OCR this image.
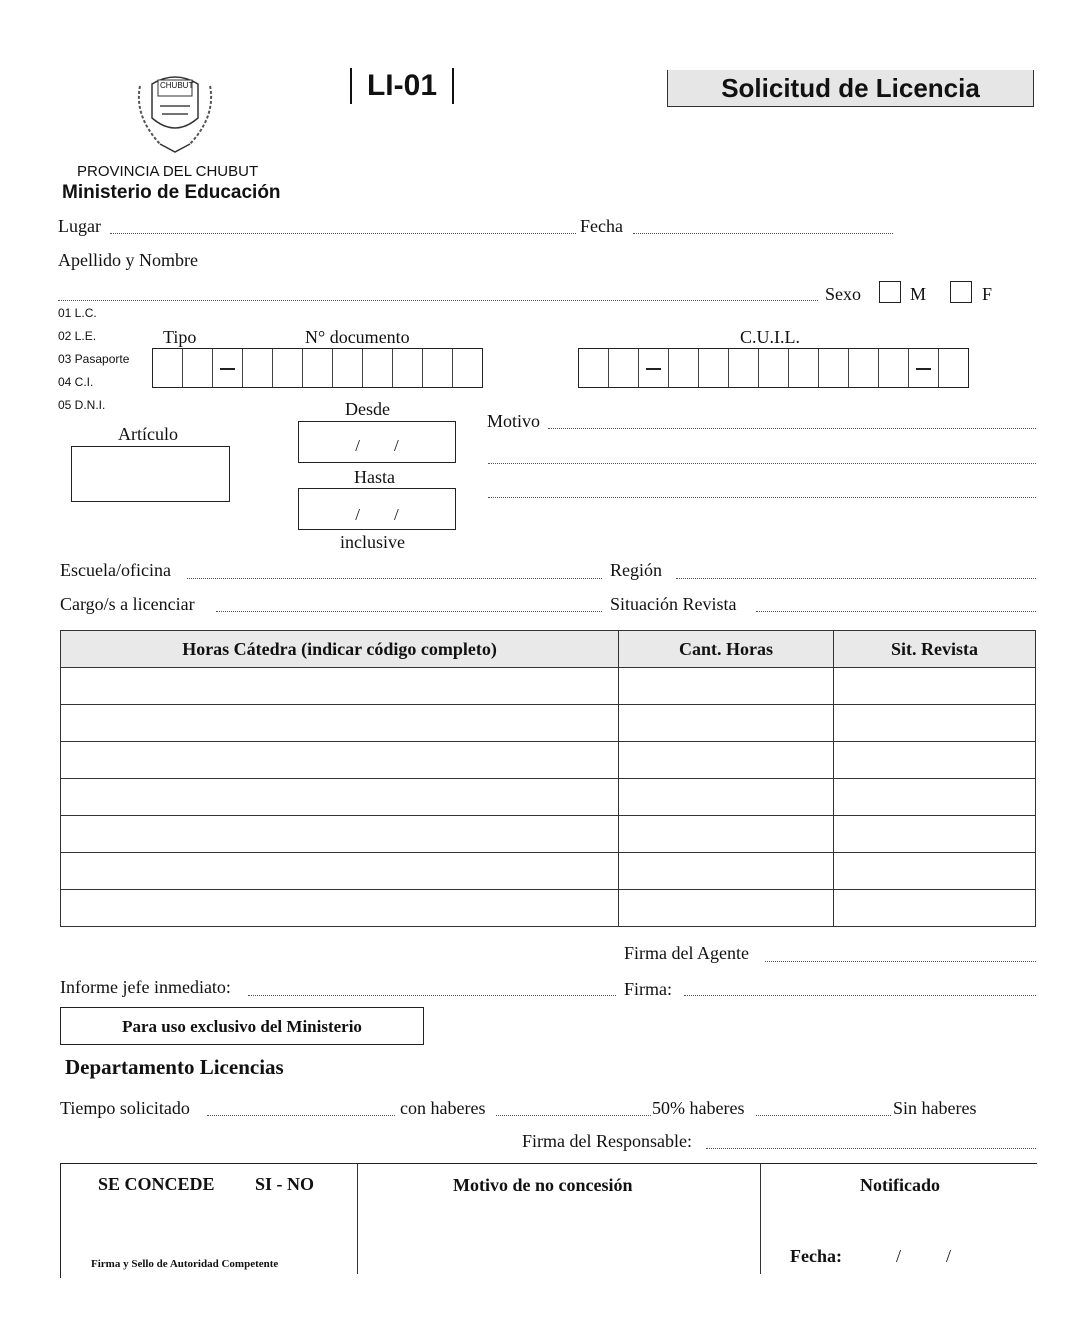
CHUBUT	LI-01	Solicitud de Licencia
PROVINCIA DEL CHUBUT
Ministerio de Educación
Lugar	Fecha
Apellido y Nombre
Sexo	M	F
01 L.C.
02 L.E.
03 Pasaporte
04 C.I.
05 D.N.I.
Tipo	N° documento	C.U.I.L.
Artículo
Desde
/        /
Hasta
/        /
inclusive
Motivo
Escuela/oficina	Región
Cargo/s a licenciar	Situación Revista
Horas Cátedra (indicar código completo)	Cant. Horas	Sit. Revista

Firma del Agente
Informe jefe inmediato:	Firma:
Para uso exclusivo del Ministerio
Departamento Licencias
Tiempo solicitado	con haberes	50% haberes	Sin haberes
Firma del Responsable:
SE CONCEDE SI - NO	Motivo de no concesión	Notificado
Firma y Sello de Autoridad Competente	Fecha:	/          /
